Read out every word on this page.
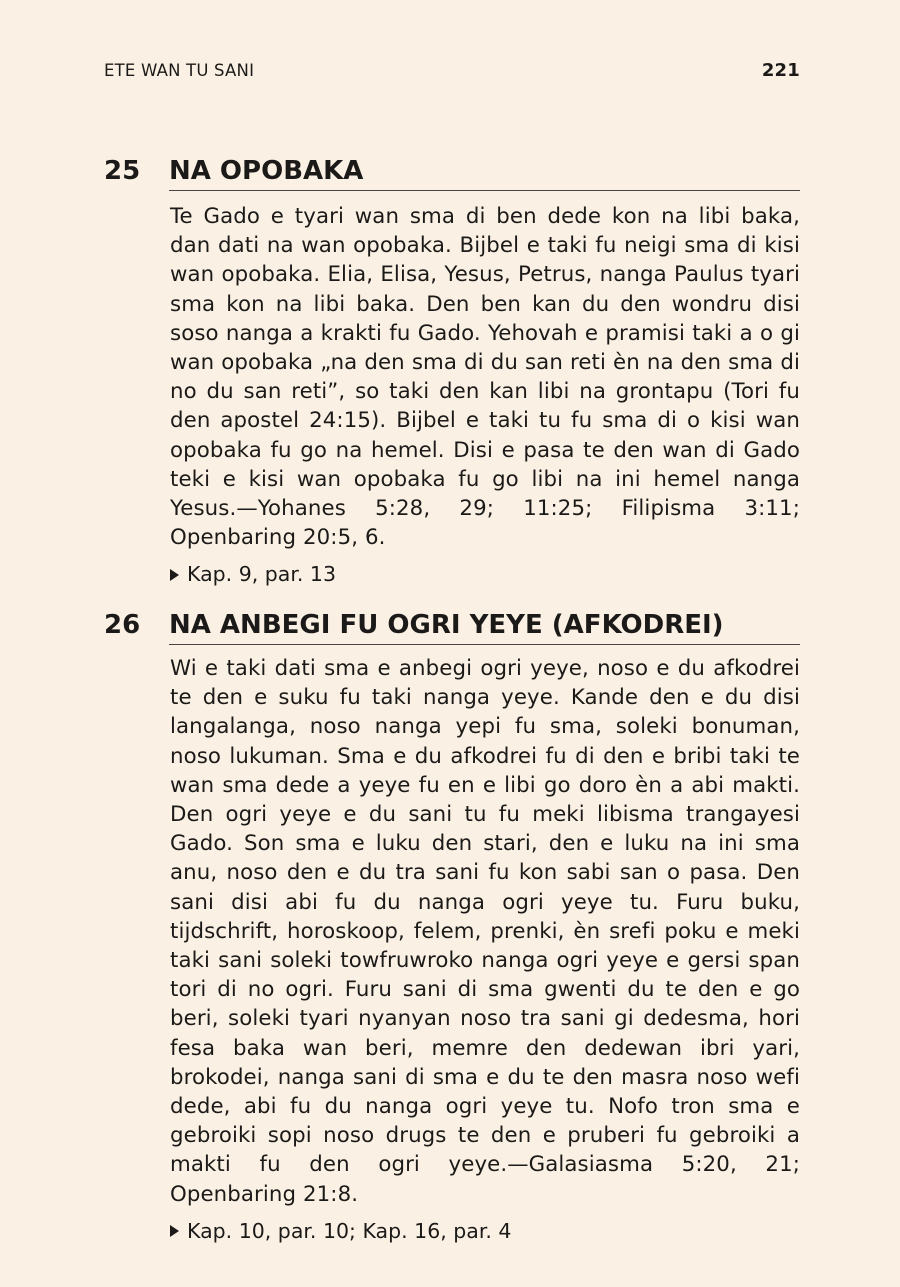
ETE WAN TU SANI	221
25 NA OPOBAKA

Te Gado e tyari wan sma di ben dede kon na libi baka, dan dati na wan opobaka. Bijbel e taki fu neigi sma di kisi wan opobaka. Elia, Elisa, Yesus, Petrus, nanga Paulus tyari sma kon na libi baka. Den ben kan du den wondru disi soso nanga a krakti fu Gado. Yehovah e pramisi taki a o gi wan opobaka „na den sma di du san reti èn na den sma di no du san reti”, so taki den kan libi na grontapu (Tori fu den apostel 24:15). Bijbel e taki tu fu sma di o kisi wan opobaka fu go na hemel. Disi e pasa te den wan di Gado teki e kisi wan opobaka fu go libi na ini hemel nanga Yesus.—Yohanes 5:28, 29; 11:25; Filipisma 3:11; Openbaring 20:5, 6.

Kap. 9, par. 13
26 NA ANBEGI FU OGRI YEYE (AFKODREI)

Wi e taki dati sma e anbegi ogri yeye, noso e du afkodrei te den e suku fu taki nanga yeye. Kande den e du disi langalanga, noso nanga yepi fu sma, soleki bonuman, noso lukuman. Sma e du afkodrei fu di den e bribi taki te wan sma dede a yeye fu en e libi go doro èn a abi makti. Den ogri yeye e du sani tu fu meki libisma trangayesi Gado. Son sma e luku den stari, den e luku na ini sma anu, noso den e du tra sani fu kon sabi san o pasa. Den sani disi abi fu du nanga ogri yeye tu. Furu buku, tijdschrift, horoskoop, felem, prenki, èn srefi poku e meki taki sani soleki towfruwroko nanga ogri yeye e gersi span tori di no ogri. Furu sani di sma gwenti du te den e go beri, soleki tyari nyanyan noso tra sani gi dedesma, hori fesa baka wan beri, memre den dedewan ibri yari, brokodei, nanga sani di sma e du te den masra noso wefi dede, abi fu du nanga ogri yeye tu. Nofo tron sma e gebroiki sopi noso drugs te den e pruberi fu gebroiki a makti fu den ogri yeye.—Galasiasma 5:20, 21; Openbaring 21:8.

Kap. 10, par. 10; Kap. 16, par. 4
